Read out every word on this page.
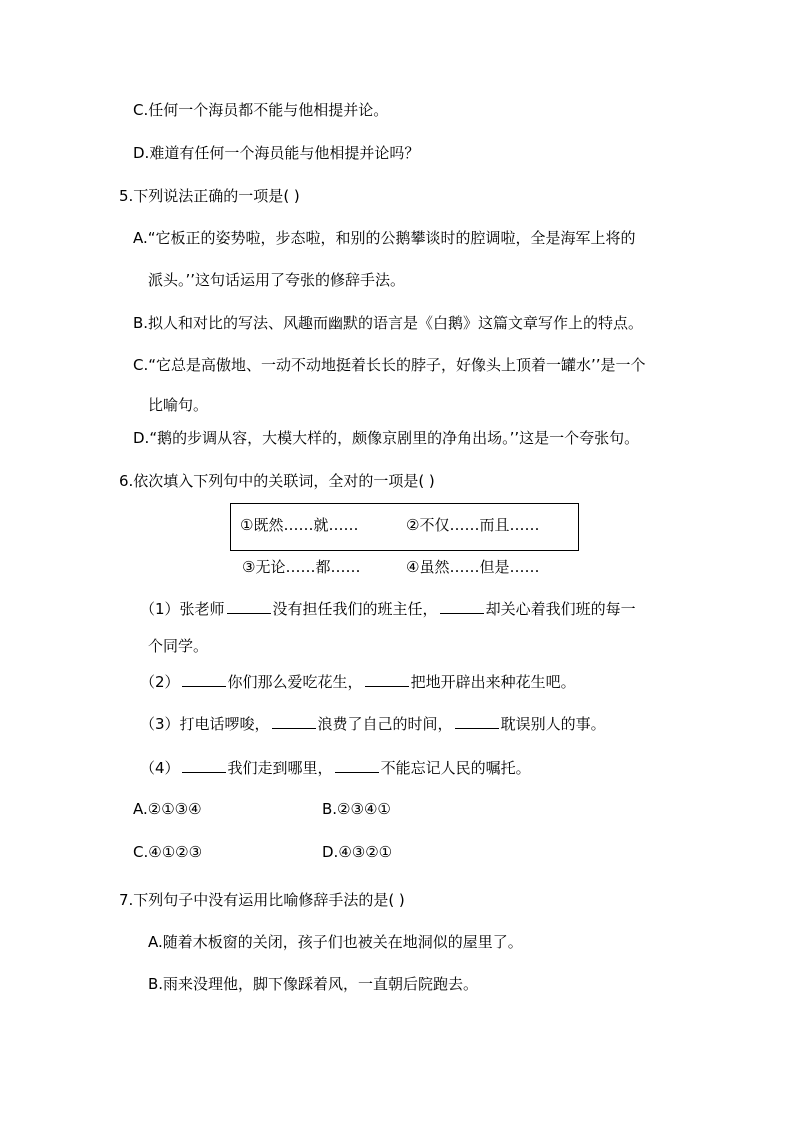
C.任何一个海员都不能与他相提并论。
D.难道有任何一个海员能与他相提并论吗？
5.下列说法正确的一项是( )
A.“它板正的姿势啦，步态啦，和别的公鹅攀谈时的腔调啦，全是海军上将的
派头。’’这句话运用了夸张的修辞手法。
B.拟人和对比的写法、风趣而幽默的语言是《白鹅》这篇文章写作上的特点。
C.“它总是高傲地、一动不动地挺着长长的脖子，好像头上顶着一罐水’’是一个
比喻句。
D.“鹅的步调从容，大模大样的，颇像京剧里的净角出场。’’这是一个夸张句。
6.依次填入下列句中的关联词，全对的一项是( )
①既然……就……	②不仅……而且……
③无论……都……	④虽然……但是……
（1）张老师	没有担任我们的班主任，	却关心着我们班的每一
个同学。
（2）	你们那么爱吃花生，	把地开辟出来种花生吧。
（3）打电话啰唆，	浪费了自己的时间，	耽误别人的事。
（4）	我们走到哪里，	不能忘记人民的嘱托。
A.②①③④	B.②③④①
C.④①②③	D.④③②①
7.下列句子中没有运用比喻修辞手法的是( )
A.随着木板窗的关闭，孩子们也被关在地洞似的屋里了。
B.雨来没理他，脚下像踩着风，一直朝后院跑去。
